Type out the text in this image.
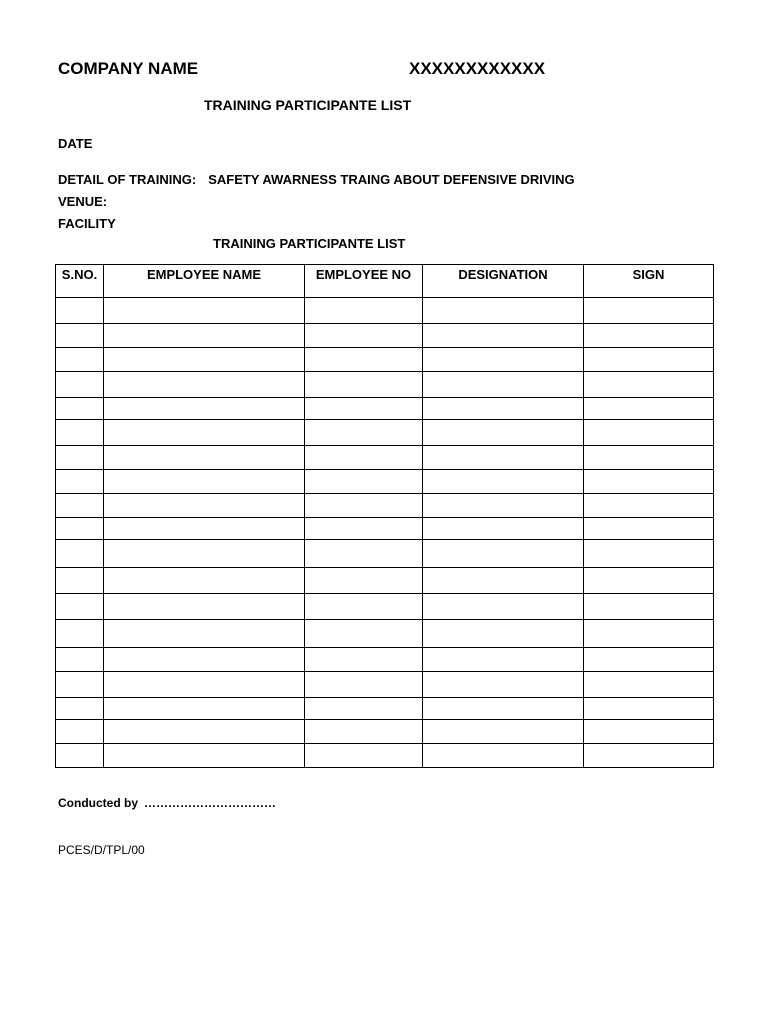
COMPANY NAME	XXXXXXXXXXXX
TRAINING PARTICIPANTE LIST
DATE
DETAIL OF TRAINING: SAFETY AWARNESS TRAING ABOUT DEFENSIVE DRIVING
VENUE:
FACILITY
TRAINING PARTICIPANTE LIST
S.NO.	EMPLOYEE NAME	EMPLOYEE NO	DESIGNATION	SIGN

Conducted by ……………………………
PCES/D/TPL/00
